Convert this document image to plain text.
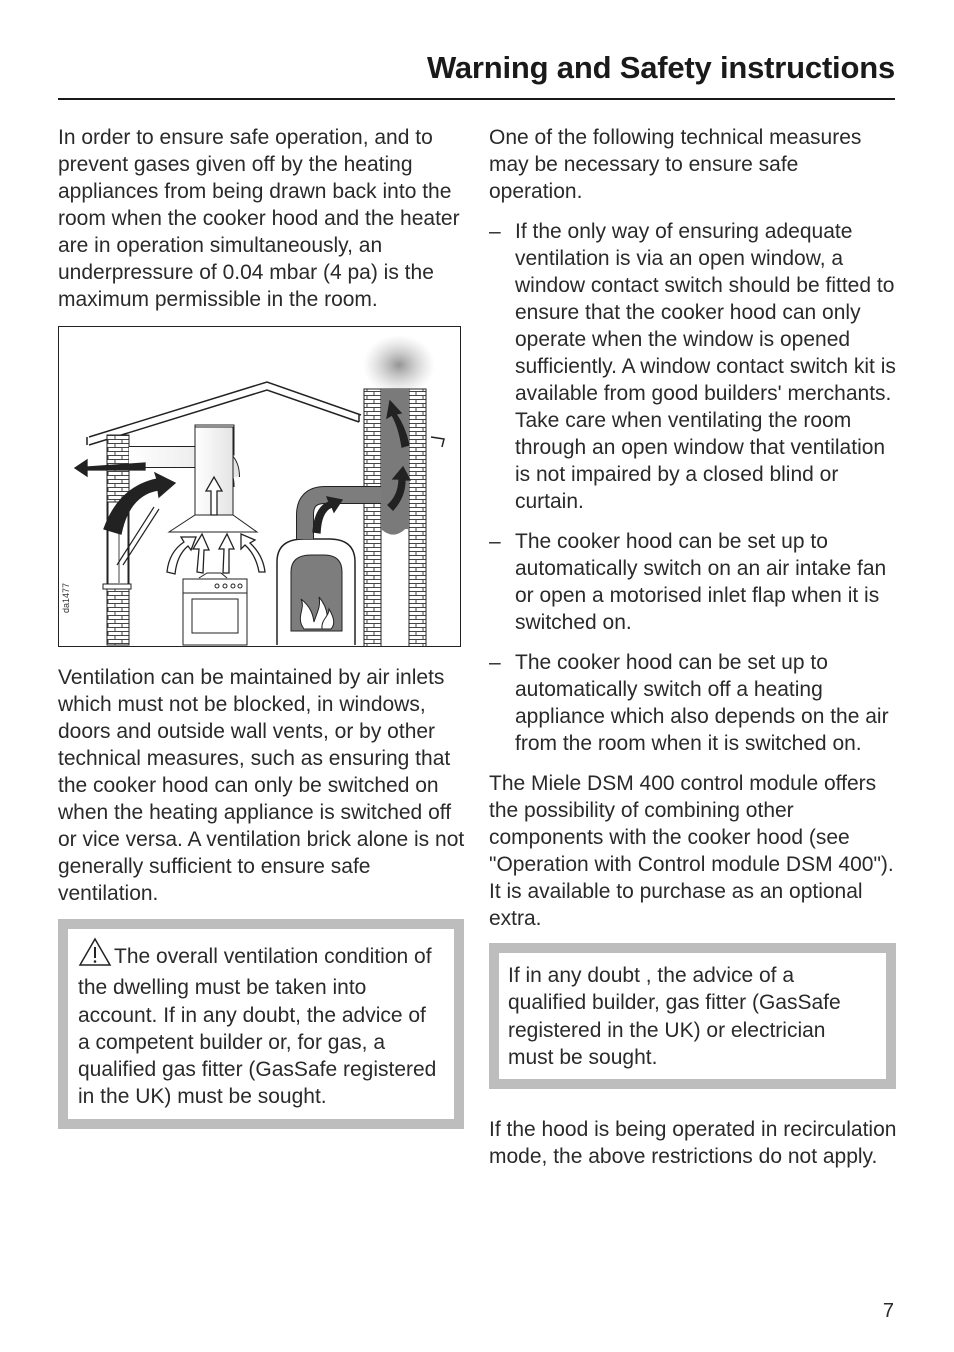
Warning and Safety instructions

In order to ensure safe operation, and to prevent gases given off by the heating appliances from being drawn back into the room when the cooker hood and the heater are in operation simultaneously, an underpressure of 0.04 mbar (4 pa) is the maximum permissible in the room.

da1477

Ventilation can be maintained by air inlets which must not be blocked, in windows, doors and outside wall vents, or by other technical measures, such as ensuring that the cooker hood can only be switched on when the heating appliance is switched off or vice versa. A ventilation brick alone is not generally sufficient to ensure safe ventilation.

The overall ventilation condition of the dwelling must be taken into account. If in any doubt, the advice of a competent builder or, for gas, a qualified gas fitter (GasSafe registered in the UK) must be sought.

One of the following technical measures may be necessary to ensure safe operation.

– If the only way of ensuring adequate ventilation is via an open window, a window contact switch should be fitted to ensure that the cooker hood can only operate when the window is opened sufficiently. A window contact switch kit is available from good builders' merchants.
Take care when ventilating the room through an open window that ventilation is not impaired by a closed blind or curtain.
– The cooker hood can be set up to automatically switch on an air intake fan or open a motorised inlet flap when it is switched on.
– The cooker hood can be set up to automatically switch off a heating appliance which also depends on the air from the room when it is switched on.

The Miele DSM 400 control module offers the possibility of combining other components with the cooker hood (see "Operation with Control module DSM 400").

It is available to purchase as an optional extra.

If in any doubt , the advice of a qualified builder, gas fitter (GasSafe registered in the UK) or electrician must be sought.

If the hood is being operated in recirculation mode, the above restrictions do not apply.

7
